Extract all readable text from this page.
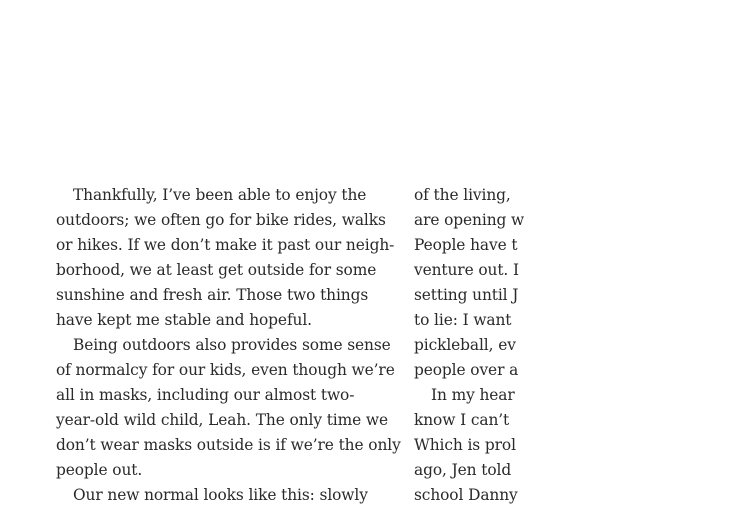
Thankfully, I’ve been able to enjoy the
outdoors; we often go for bike rides, walks
or hikes. If we don’t make it past our neigh-
borhood, we at least get outside for some
sunshine and fresh air. Those two things
have kept me stable and hopeful.
Being outdoors also provides some sense
of normalcy for our kids, even though we’re
all in masks, including our almost two-
year-old wild child, Leah. The only time we
don’t wear masks outside is if we’re the only
people out.
Our new normal looks like this: slowly
of the living,
are opening w
People have t
venture out. I
setting until J
to lie: I want
pickleball, ev
people over a
In my hear
know I can’t
Which is prol
ago, Jen told
school Danny
